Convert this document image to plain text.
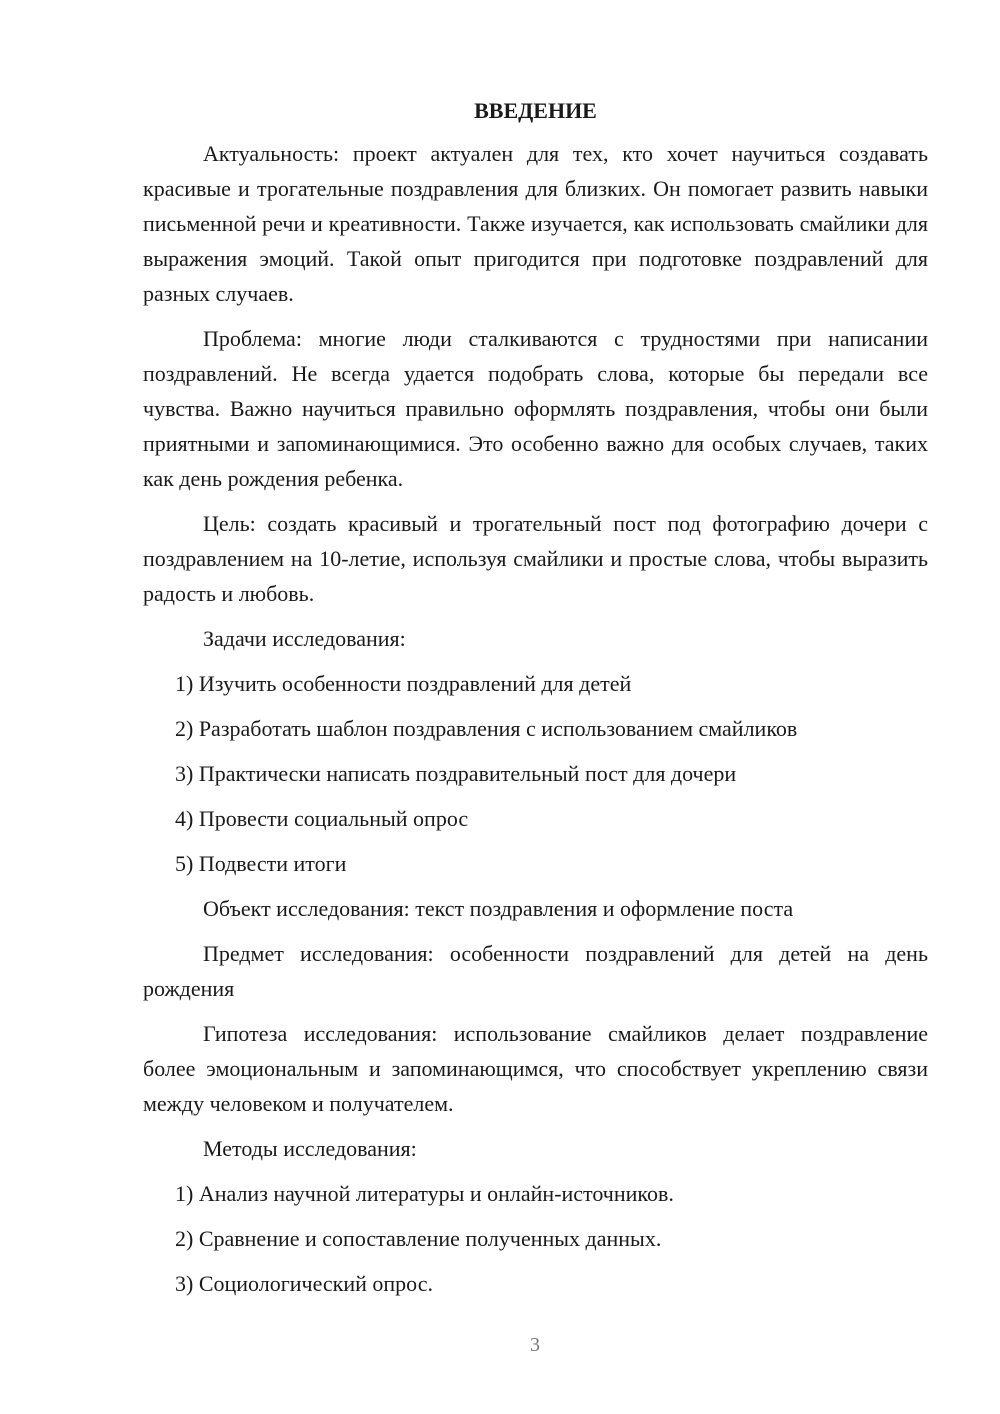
ВВЕДЕНИЕ

Актуальность: проект актуален для тех, кто хочет научиться создавать красивые и трогательные поздравления для близких. Он помогает развить навыки письменной речи и креативности. Также изучается, как использовать смайлики для выражения эмоций. Такой опыт пригодится при подготовке поздравлений для разных случаев.

Проблема: многие люди сталкиваются с трудностями при написании поздравлений. Не всегда удается подобрать слова, которые бы передали все чувства. Важно научиться правильно оформлять поздравления, чтобы они были приятными и запоминающимися. Это особенно важно для особых случаев, таких как день рождения ребенка.

Цель: создать красивый и трогательный пост под фотографию дочери с поздравлением на 10-летие, используя смайлики и простые слова, чтобы выразить радость и любовь.

Задачи исследования:

1) Изучить особенности поздравлений для детей

2) Разработать шаблон поздравления с использованием смайликов

3) Практически написать поздравительный пост для дочери

4) Провести социальный опрос

5) Подвести итоги

Объект исследования: текст поздравления и оформление поста

Предмет исследования: особенности поздравлений для детей на день рождения

Гипотеза исследования: использование смайликов делает поздравление более эмоциональным и запоминающимся, что способствует укреплению связи между человеком и получателем.

Методы исследования:

1) Анализ научной литературы и онлайн-источников.

2) Сравнение и сопоставление полученных данных.

3) Социологический опрос.

3
